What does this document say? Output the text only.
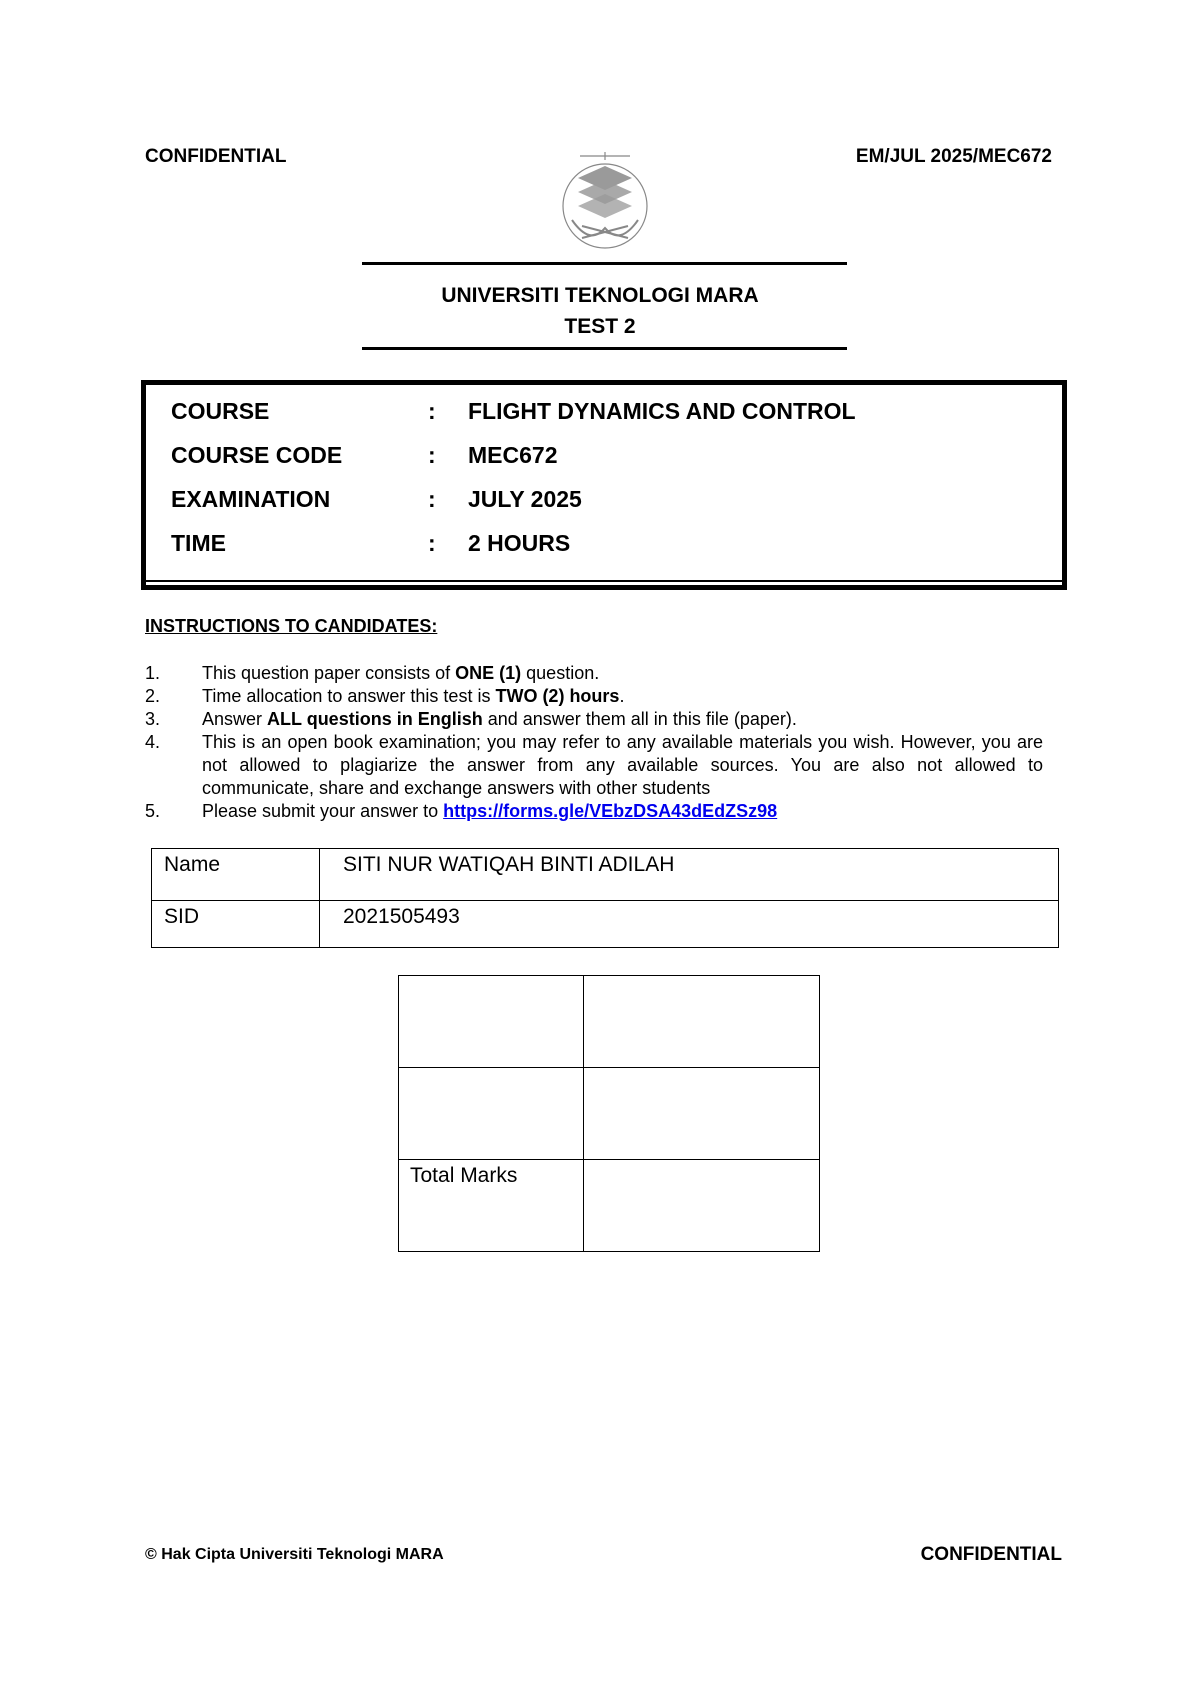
CONFIDENTIAL	EM/JUL 2025/MEC672
UNIVERSITI TEKNOLOGI MARA
TEST 2
COURSE	: FLIGHT DYNAMICS AND CONTROL
COURSE CODE	: MEC672
EXAMINATION	: JULY 2025
TIME	: 2 HOURS
INSTRUCTIONS TO CANDIDATES:
1. This question paper consists of ONE (1) question.
2. Time allocation to answer this test is TWO (2) hours.
3. Answer ALL questions in English and answer them all in this file (paper).
4. This is an open book examination; you may refer to any available materials you wish. However, you are not allowed to plagiarize the answer from any available sources. You are also not allowed to communicate, share and exchange answers with other students
5. Please submit your answer to https://forms.gle/VEbzDSA43dEdZSz98
Name	SITI NUR WATIQAH BINTI ADILAH
SID	2021505493

Total Marks	
© Hak Cipta Universiti Teknologi MARA	CONFIDENTIAL
